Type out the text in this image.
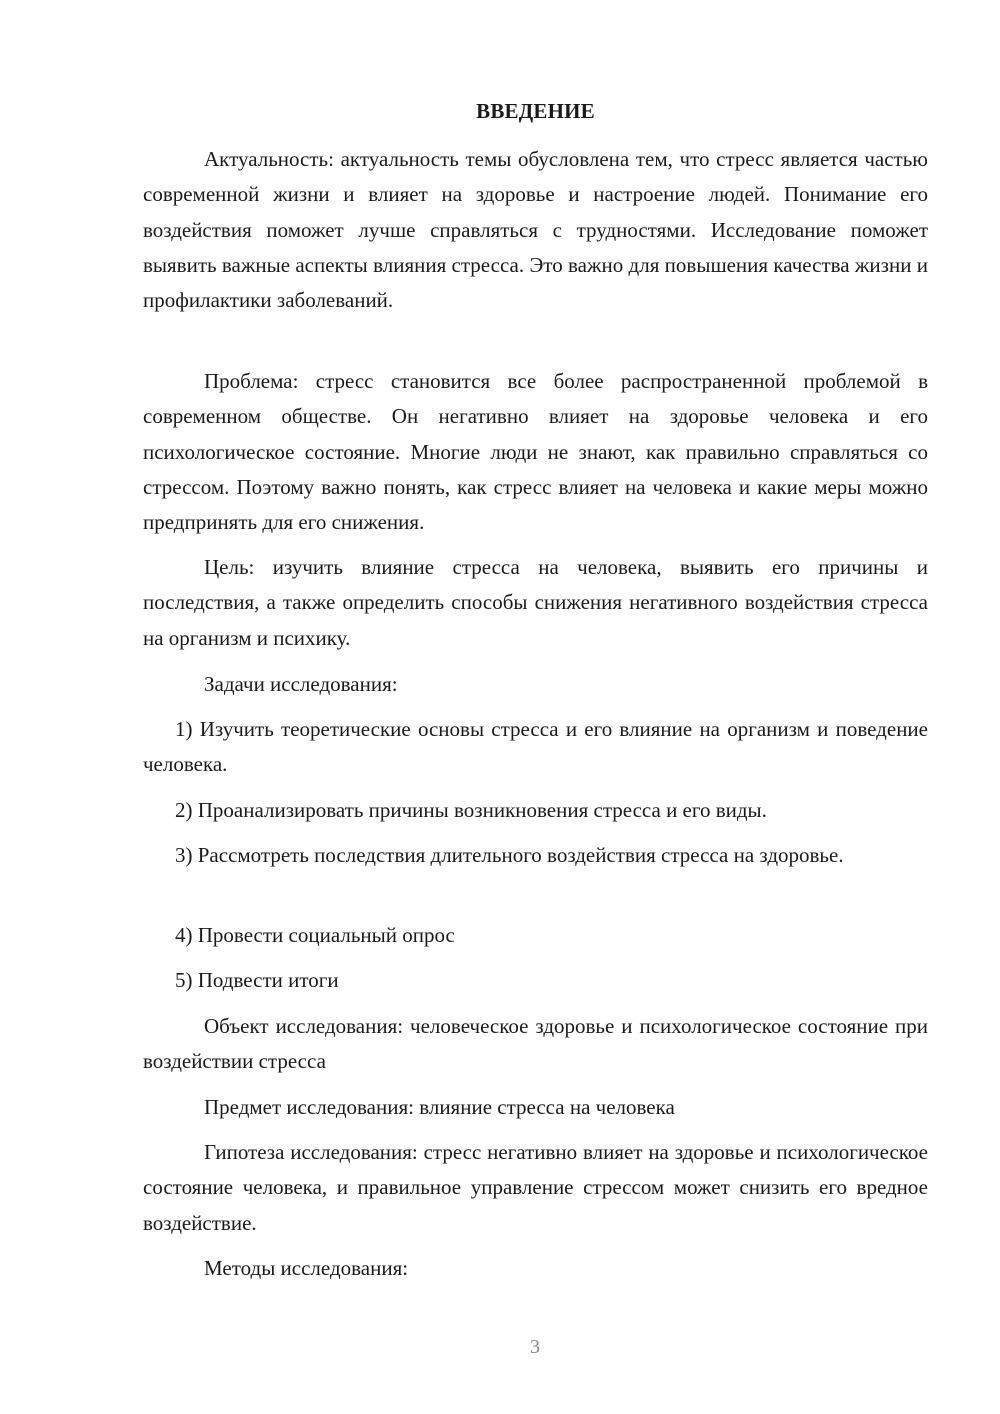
ВВЕДЕНИЕ

Актуальность: актуальность темы обусловлена тем, что стресс является частью современной жизни и влияет на здоровье и настроение людей. Понимание его воздействия поможет лучше справляться с трудностями. Исследование поможет выявить важные аспекты влияния стресса. Это важно для повышения качества жизни и профилактики заболеваний.

Проблема: стресс становится все более распространенной проблемой в современном обществе. Он негативно влияет на здоровье человека и его психологическое состояние. Многие люди не знают, как правильно справляться со стрессом. Поэтому важно понять, как стресс влияет на человека и какие меры можно предпринять для его снижения.

Цель: изучить влияние стресса на человека, выявить его причины и последствия, а также определить способы снижения негативного воздействия стресса на организм и психику.

Задачи исследования:

1) Изучить теоретические основы стресса и его влияние на организм и поведение человека.

2) Проанализировать причины возникновения стресса и его виды.

3) Рассмотреть последствия длительного воздействия стресса на здоровье.

4) Провести социальный опрос

5) Подвести итоги

Объект исследования: человеческое здоровье и психологическое состояние при воздействии стресса

Предмет исследования: влияние стресса на человека

Гипотеза исследования: стресс негативно влияет на здоровье и психологическое состояние человека, и правильное управление стрессом может снизить его вредное воздействие.

Методы исследования:

3
